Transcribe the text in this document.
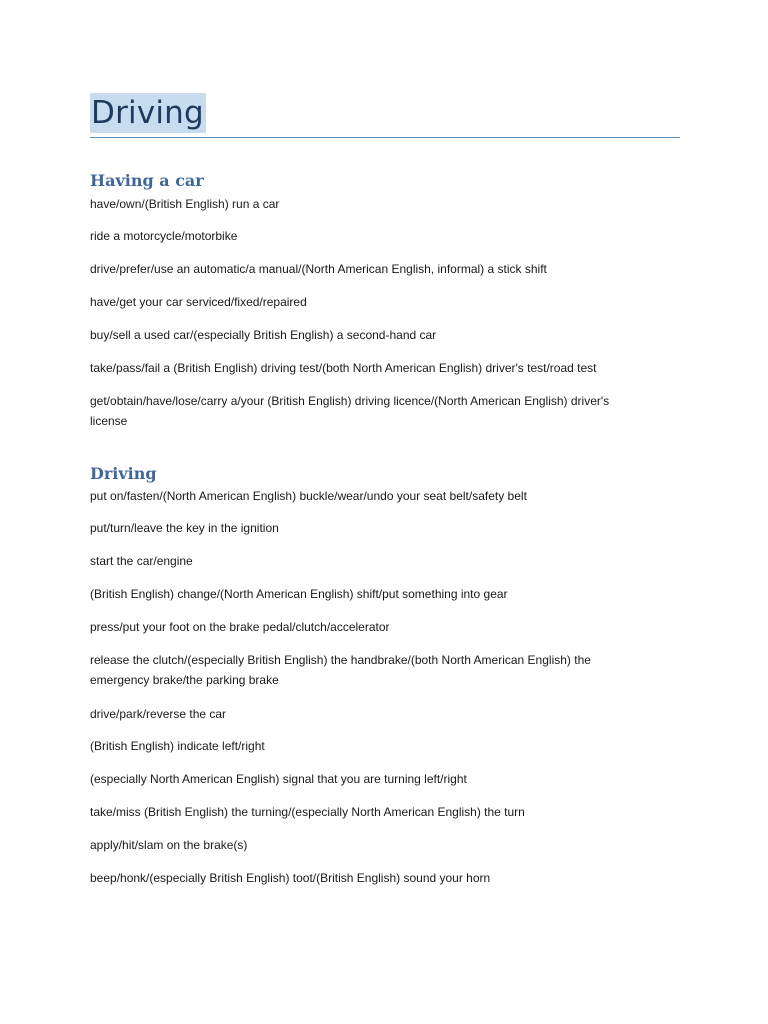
Driving
Having a car
have/own/(British English) run a car
ride a motorcycle/motorbike
drive/prefer/use an automatic/a manual/(North American English, informal) a stick shift
have/get your car serviced/fixed/repaired
buy/sell a used car/(especially British English) a second-hand car
take/pass/fail a (British English) driving test/(both North American English) driver's test/road test
get/obtain/have/lose/carry a/your (British English) driving licence/(North American English) driver's license
Driving
put on/fasten/(North American English) buckle/wear/undo your seat belt/safety belt
put/turn/leave the key in the ignition
start the car/engine
(British English) change/(North American English) shift/put something into gear
press/put your foot on the brake pedal/clutch/accelerator
release the clutch/(especially British English) the handbrake/(both North American English) the emergency brake/the parking brake
drive/park/reverse the car
(British English) indicate left/right
(especially North American English) signal that you are turning left/right
take/miss (British English) the turning/(especially North American English) the turn
apply/hit/slam on the brake(s)
beep/honk/(especially British English) toot/(British English) sound your horn
